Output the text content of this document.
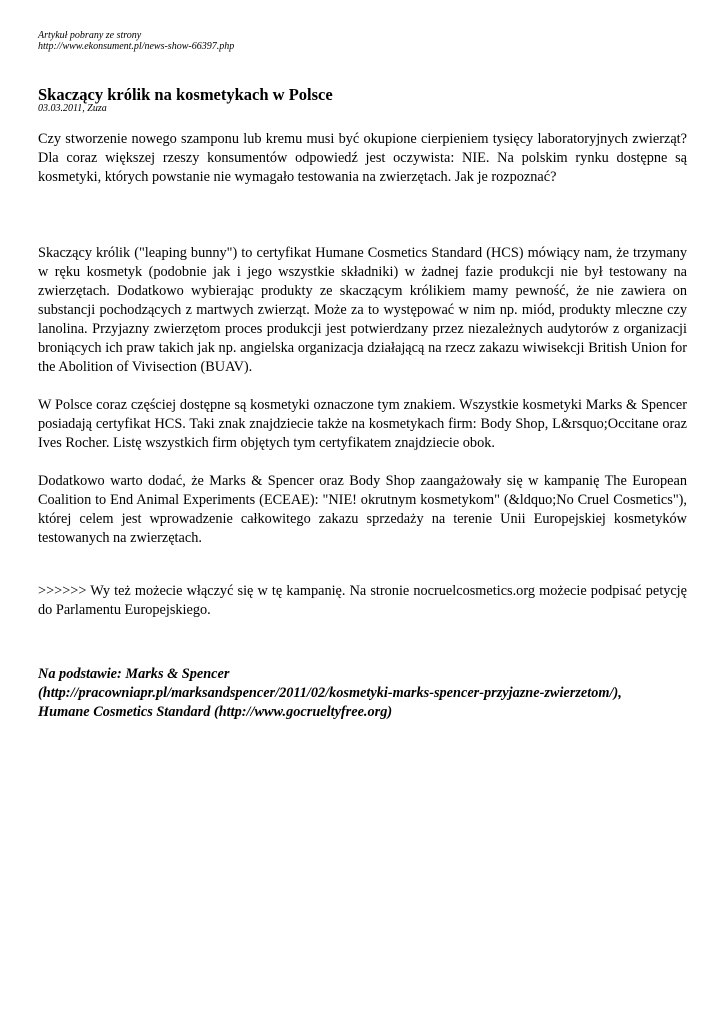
Artykuł pobrany ze strony
http://www.ekonsument.pl/news-show-66397.php
Skaczący królik na kosmetykach w Polsce
03.03.2011, Zuza

Czy stworzenie nowego szamponu lub kremu musi być okupione cierpieniem tysięcy laboratoryjnych zwierząt? Dla coraz większej rzeszy konsumentów odpowiedź jest oczywista: NIE. Na polskim rynku dostępne są kosmetyki, których powstanie nie wymagało testowania na zwierzętach. Jak je rozpoznać?

Skaczący królik ("leaping bunny") to certyfikat Humane Cosmetics Standard (HCS) mówiący nam, że trzymany w ręku kosmetyk (podobnie jak i jego wszystkie składniki) w żadnej fazie produkcji nie był testowany na zwierzętach. Dodatkowo wybierając produkty ze skaczącym królikiem mamy pewność, że nie zawiera on substancji pochodzących z martwych zwierząt. Może za to występować w nim np. miód, produkty mleczne czy lanolina. Przyjazny zwierzętom proces produkcji jest potwierdzany przez niezależnych audytorów z organizacji broniących ich praw takich jak np. angielska organizacja działającą na rzecz zakazu wiwisekcji British Union for the Abolition of Vivisection (BUAV).

W Polsce coraz częściej dostępne są kosmetyki oznaczone tym znakiem. Wszystkie kosmetyki Marks & Spencer posiadają certyfikat HCS. Taki znak znajdziecie także na kosmetykach firm: Body Shop, L&rsquo;Occitane oraz Ives Rocher. Listę wszystkich firm objętych tym certyfikatem znajdziecie obok.

Dodatkowo warto dodać, że Marks & Spencer oraz Body Shop zaangażowały się w kampanię The European Coalition to End Animal Experiments (ECEAE): "NIE! okrutnym kosmetykom" (&ldquo;No Cruel Cosmetics"), której celem jest wprowadzenie całkowitego zakazu sprzedaży na terenie Unii Europejskiej kosmetyków testowanych na zwierzętach.

>>>>>> Wy też możecie włączyć się w tę kampanię. Na stronie nocruelcosmetics.org możecie podpisać petycję do Parlamentu Europejskiego.

Na podstawie: Marks & Spencer
(http://pracowniapr.pl/marksandspencer/2011/02/kosmetyki-marks-spencer-przyjazne-zwierzetom/),
Humane Cosmetics Standard (http://www.gocrueltyfree.org)
